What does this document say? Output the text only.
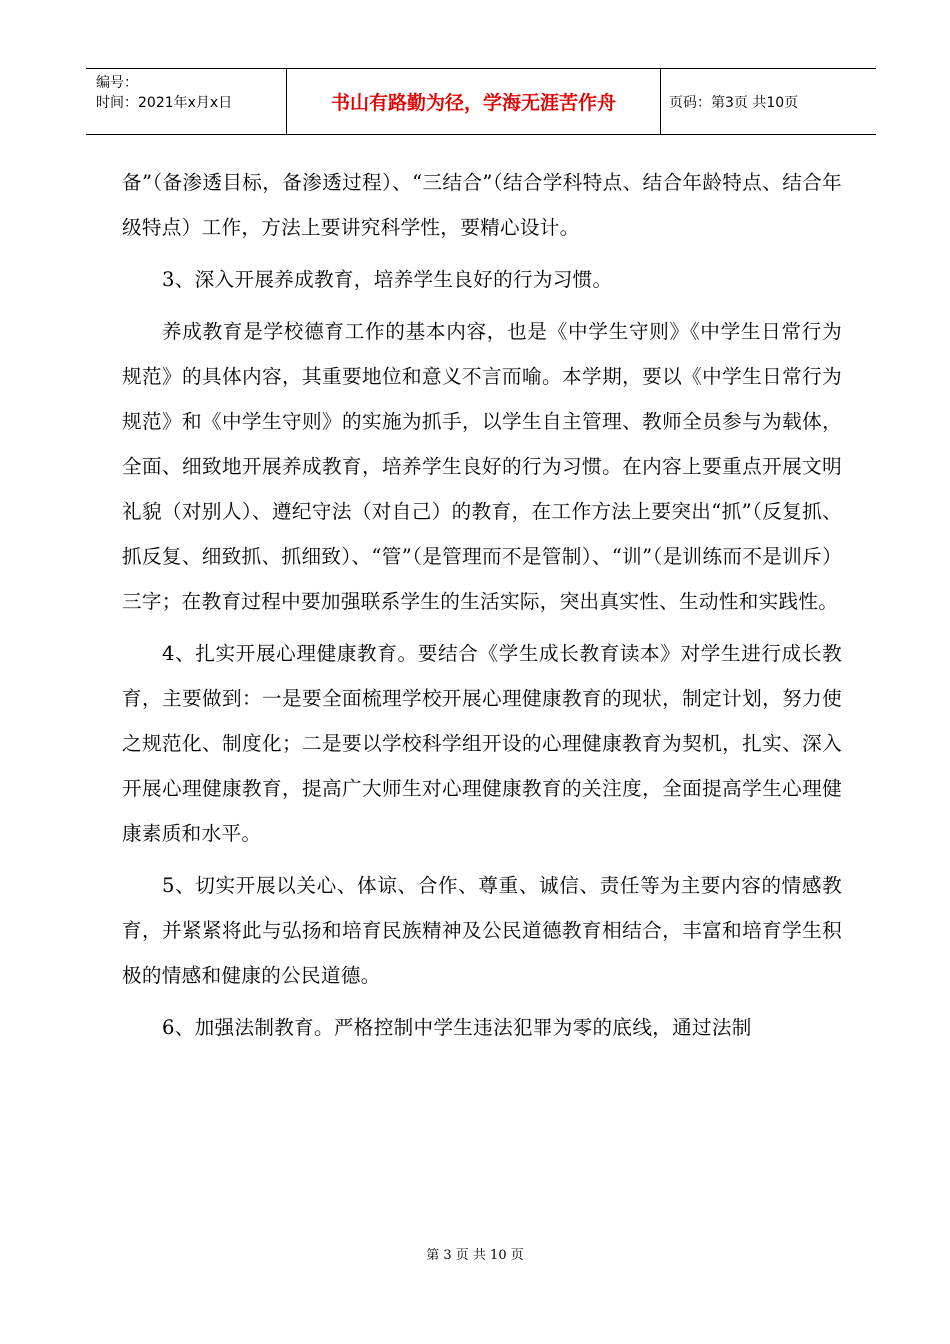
编号：
时间：2021年x月x日	书山有路勤为径，学海无涯苦作舟	页码：第3页 共10页

备”（备渗透目标，备渗透过程）、“三结合”（结合学科特点、结合年龄特点、结合年级特点）工作，方法上要讲究科学性，要精心设计。

3、深入开展养成教育，培养学生良好的行为习惯。

养成教育是学校德育工作的基本内容，也是《中学生守则》《中学生日常行为规范》的具体内容，其重要地位和意义不言而喻。本学期，要以《中学生日常行为规范》和《中学生守则》的实施为抓手，以学生自主管理、教师全员参与为载体，全面、细致地开展养成教育，培养学生良好的行为习惯。在内容上要重点开展文明礼貌（对别人）、遵纪守法（对自己）的教育，在工作方法上要突出“抓”（反复抓、抓反复、细致抓、抓细致）、“管”（是管理而不是管制）、“训”（是训练而不是训斥）三字；在教育过程中要加强联系学生的生活实际，突出真实性、生动性和实践性。

4、扎实开展心理健康教育。要结合《学生成长教育读本》对学生进行成长教育，主要做到：一是要全面梳理学校开展心理健康教育的现状，制定计划，努力使之规范化、制度化；二是要以学校科学组开设的心理健康教育为契机，扎实、深入开展心理健康教育，提高广大师生对心理健康教育的关注度，全面提高学生心理健康素质和水平。

5、切实开展以关心、体谅、合作、尊重、诚信、责任等为主要内容的情感教育，并紧紧将此与弘扬和培育民族精神及公民道德教育相结合，丰富和培育学生积极的情感和健康的公民道德。

6、加强法制教育。严格控制中学生违法犯罪为零的底线，通过法制

第 3 页 共 10 页
